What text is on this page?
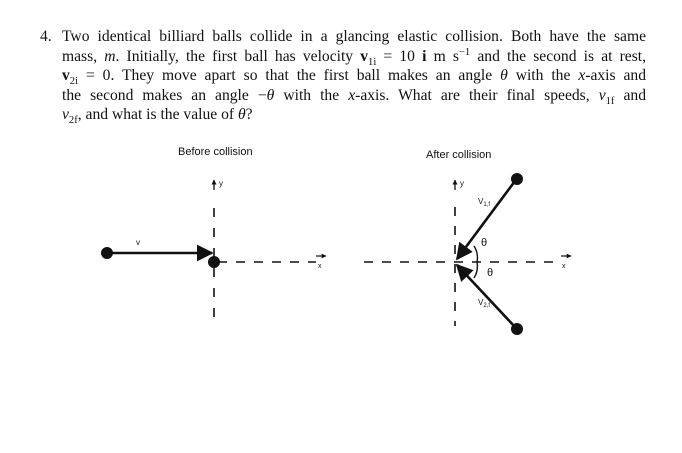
4. Two identical billiard balls collide in a glancing elastic collision. Both have the same
mass, m. Initially, the first ball has velocity $v_{1i} = 10$ i m $s^{-1}$ and the second is at rest,
$v_{2i} = 0$. They move apart so that the first ball makes an angle θ with the x-axis and
the second makes an angle −θ with the x-axis. What are their final speeds, $v_{1f}$ and
$v_{2f}$, and what is the value of θ?
Before collision	After collision
y
x
v
y
x
$V_{1,f}$
$V_{2,f}$
θ
θ
